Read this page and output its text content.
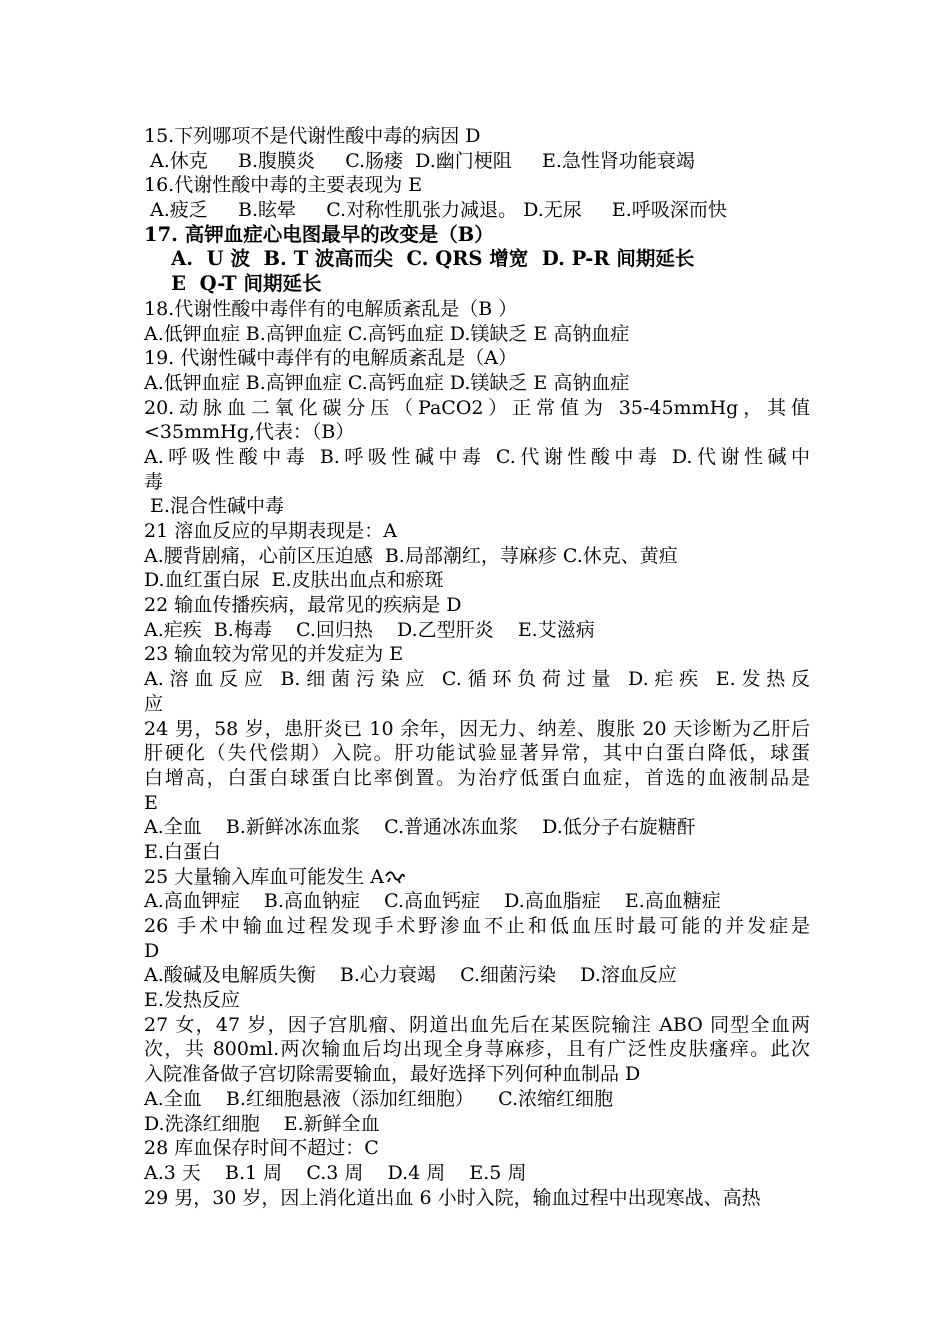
15.下列哪项不是代谢性酸中毒的病因 D
A.休克     B.腹膜炎     C.肠瘘  D.幽门梗阻     E.急性肾功能衰竭
16.代谢性酸中毒的主要表现为 E
A.疲乏     B.眩晕     C.对称性肌张力减退。 D.无尿     E.呼吸深而快
17. 高钾血症心电图最早的改变是（B）
A.  U 波  B. T 波高而尖  C. QRS 增宽  D. P-R 间期延长
E  Q-T 间期延长
18.代谢性酸中毒伴有的电解质紊乱是（B ）
A.低钾血症 B.高钾血症 C.高钙血症 D.镁缺乏 E 高钠血症
19. 代谢性碱中毒伴有的电解质紊乱是（A）
A.低钾血症 B.高钾血症 C.高钙血症 D.镁缺乏 E 高钠血症
20.动脉血二氧化碳分压（PaCO2）正常值为 35-45mmHg，其值
<35mmHg,代表：（B）
A.呼吸性酸中毒 B.呼吸性碱中毒 C.代谢性酸中毒 D.代谢性碱中
毒
E.混合性碱中毒
21 溶血反应的早期表现是：A
A.腰背剧痛，心前区压迫感  B.局部潮红，荨麻疹 C.休克、黄疸
D.血红蛋白尿  E.皮肤出血点和瘀斑
22 输血传播疾病，最常见的疾病是 D
A.疟疾  B.梅毒    C.回归热    D.乙型肝炎    E.艾滋病
23 输血较为常见的并发症为 E
A.溶血反应 B.细菌污染应 C.循环负荷过量 D.疟疾 E.发热反
应
24 男，58 岁，患肝炎已 10 余年，因无力、纳差、腹胀 20 天诊断为乙肝后
肝硬化（失代偿期）入院。肝功能试验显著异常，其中白蛋白降低，球蛋
白增高，白蛋白球蛋白比率倒置。为治疗低蛋白血症，首选的血液制品是
E
A.全血    B.新鲜冰冻血浆    C.普通冰冻血浆    D.低分子右旋糖酐
E.白蛋白
25 大量输入库血可能发生 A
A.高血钾症    B.高血钠症    C.高血钙症    D.高血脂症    E.高血糖症
26 手术中输血过程发现手术野渗血不止和低血压时最可能的并发症是
D
A.酸碱及电解质失衡    B.心力衰竭    C.细菌污染    D.溶血反应
E.发热反应
27 女，47 岁，因子宫肌瘤、阴道出血先后在某医院输注 ABO 同型全血两
次，共 800ml.两次输血后均出现全身荨麻疹，且有广泛性皮肤瘙痒。此次
入院准备做子宫切除需要输血，最好选择下列何种血制品 D
A.全血    B.红细胞悬液（添加红细胞）    C.浓缩红细胞
D.洗涤红细胞    E.新鲜全血
28 库血保存时间不超过：C
A.3 天    B.1 周    C.3 周    D.4 周    E.5 周
29 男，30 岁，因上消化道出血 6 小时入院，输血过程中出现寒战、高热
